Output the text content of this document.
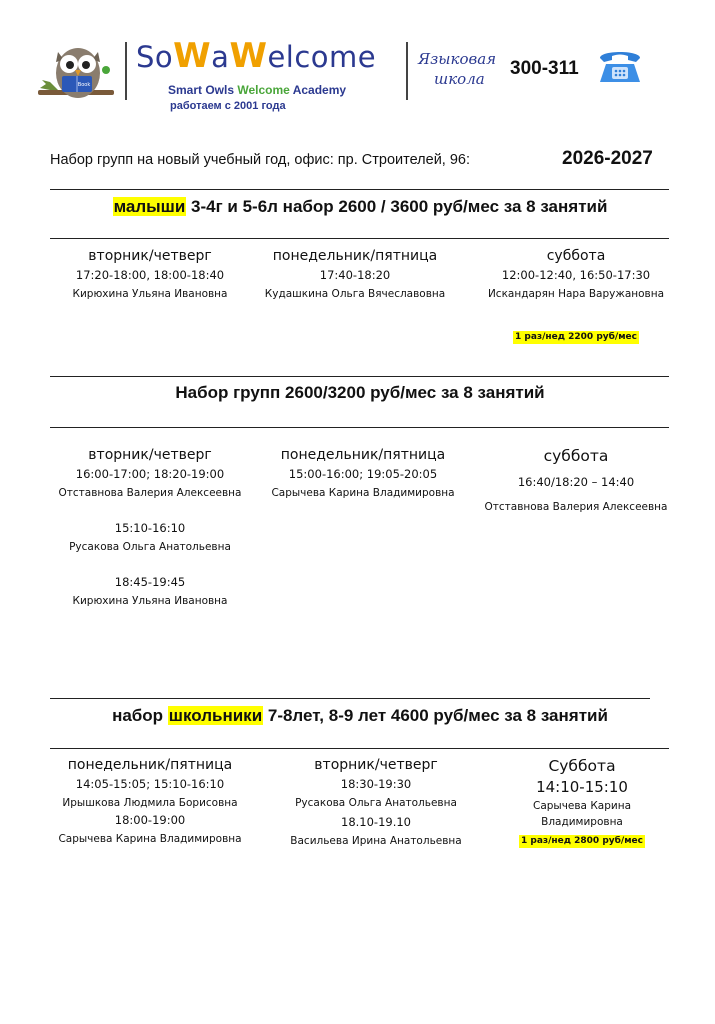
Book
SoWaWelcome
Smart Owls Welcome Academy
работаем с 2001 года
Языковая
школа 300-311
Набор групп на новый учебный год, офис: пр. Строителей, 96:	2026-2027
малыши 3-4г и 5-6л набор 2600 / 3600 руб/мес за 8 занятий
вторник/четверг
17:20-18:00, 18:00-18:40
Кирюхина Ульяна Ивановна
понедельник/пятница
17:40-18:20
Кудашкина Ольга Вячеславовна
суббота
12:00-12:40, 16:50-17:30
Искандарян Нара Варужановна
1 раз/нед 2200 руб/мес
Набор групп 2600/3200 руб/мес за 8 занятий
вторник/четверг
16:00-17:00; 18:20-19:00
Отставнова Валерия Алексеевна
15:10-16:10
Русакова Ольга Анатольевна
18:45-19:45
Кирюхина Ульяна Ивановна
понедельник/пятница
15:00-16:00; 19:05-20:05
Сарычева Карина Владимировна
суббота
16:40/18:20 – 14:40
Отставнова Валерия Алексеевна
набор школьники 7-8лет, 8-9 лет 4600 руб/мес за 8 занятий
понедельник/пятница
14:05-15:05; 15:10-16:10
Ирышкова Людмила Борисовна
18:00-19:00
Сарычева Карина Владимировна
вторник/четверг
18:30-19:30
Русакова Ольга Анатольевна
18.10-19.10
Васильева Ирина Анатольевна
Суббота
14:10-15:10
Сарычева Карина
Владимировна
1 раз/нед 2800 руб/мес
